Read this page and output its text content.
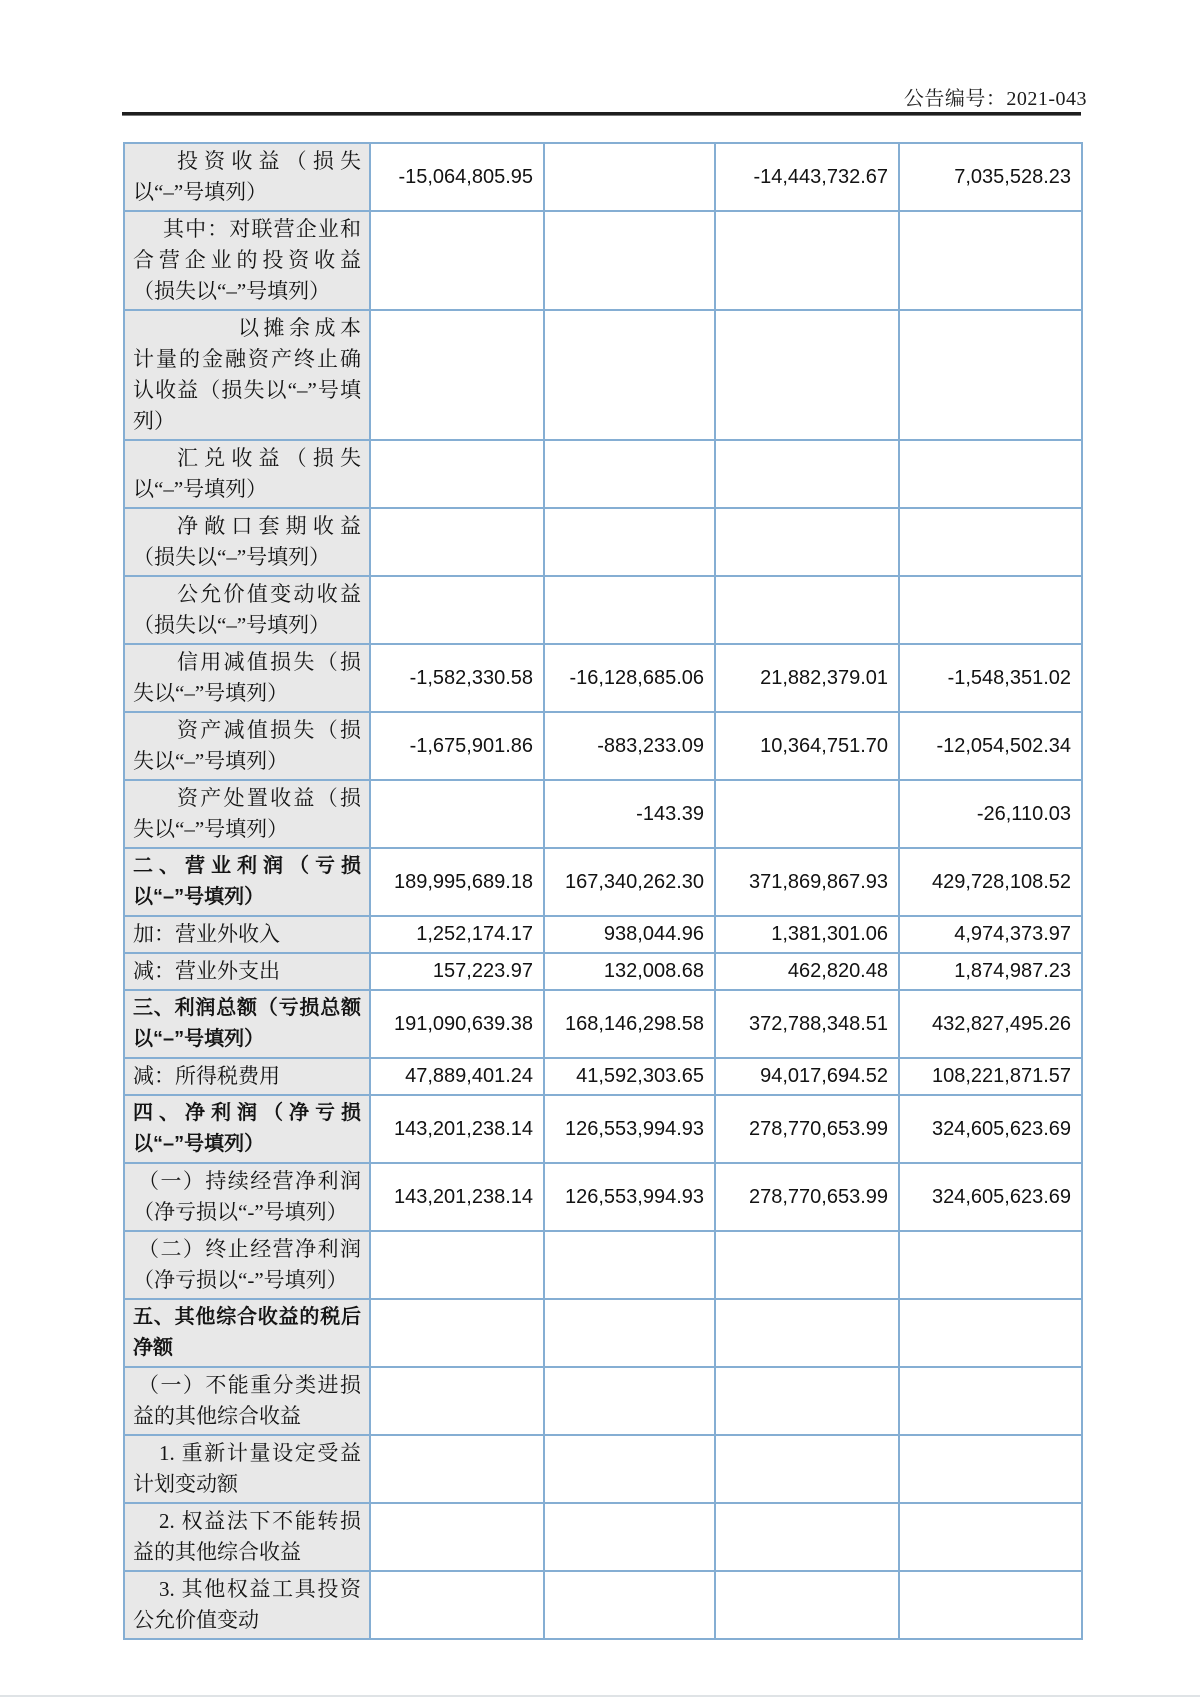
公告编号：2021-043
投资收益（损失以“–”号填列）	-15,064,805.95		-14,443,732.67	7,035,528.23

其中：对联营企业和合营企业的投资收益（损失以“–”号填列）				

以摊余成本计量的金融资产终止确认收益（损失以“–”号填列）				

汇兑收益（损失以“–”号填列）				

净敞口套期收益（损失以“–”号填列）				

公允价值变动收益（损失以“–”号填列）				

信用减值损失（损失以“–”号填列）	-1,582,330.58	-16,128,685.06	21,882,379.01	-1,548,351.02

资产减值损失（损失以“–”号填列）	-1,675,901.86	-883,233.09	10,364,751.70	-12,054,502.34

资产处置收益（损失以“–”号填列）		-143.39		-26,110.03

二、营业利润（亏损以“–”号填列）	189,995,689.18	167,340,262.30	371,869,867.93	429,728,108.52

加：营业外收入	1,252,174.17	938,044.96	1,381,301.06	4,974,373.97

减：营业外支出	157,223.97	132,008.68	462,820.48	1,874,987.23

三、利润总额（亏损总额以“–”号填列）	191,090,639.38	168,146,298.58	372,788,348.51	432,827,495.26

减：所得税费用	47,889,401.24	41,592,303.65	94,017,694.52	108,221,871.57

四、净利润（净亏损以“–”号填列）	143,201,238.14	126,553,994.93	278,770,653.99	324,605,623.69

（一）持续经营净利润（净亏损以“-”号填列）	143,201,238.14	126,553,994.93	278,770,653.99	324,605,623.69

（二）终止经营净利润（净亏损以“-”号填列）				

五、其他综合收益的税后净额				

（一）不能重分类进损益的其他综合收益				

1. 重新计量设定受益计划变动额				

2. 权益法下不能转损益的其他综合收益				

3. 其他权益工具投资公允价值变动				
